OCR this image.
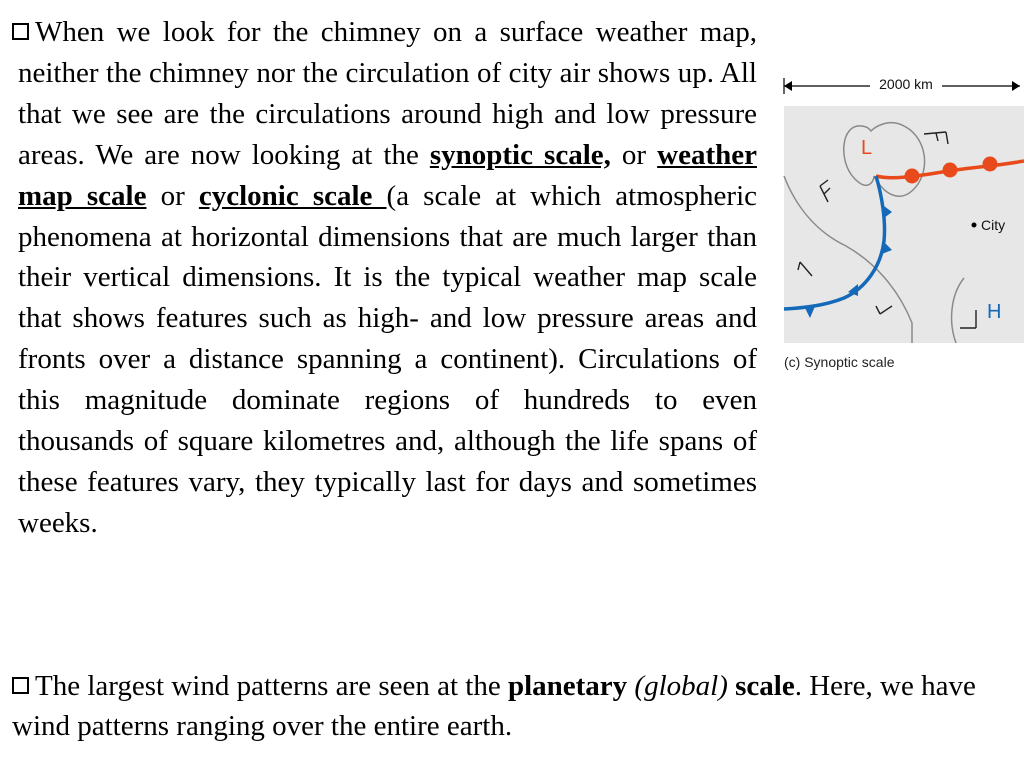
When we look for the chimney on a surface weather map, neither the chimney nor the circulation of city air shows up. All that we see are the circulations around high and low pressure areas. We are now looking at the synoptic scale, or weather map scale or cyclonic scale (a scale at which atmospheric phenomena at horizontal dimensions that are much larger than their vertical dimensions. It is the typical weather map scale that shows features such as high- and low pressure areas and fronts over a distance spanning a continent). Circulations of this magnitude dominate regions of hundreds to even thousands of square kilometres and, although the life spans of these features vary, they typically last for days and sometimes weeks.
2000 km
L
H
City
(c) Synoptic scale
The largest wind patterns are seen at the planetary (global) scale. Here, we have wind patterns ranging over the entire earth.
